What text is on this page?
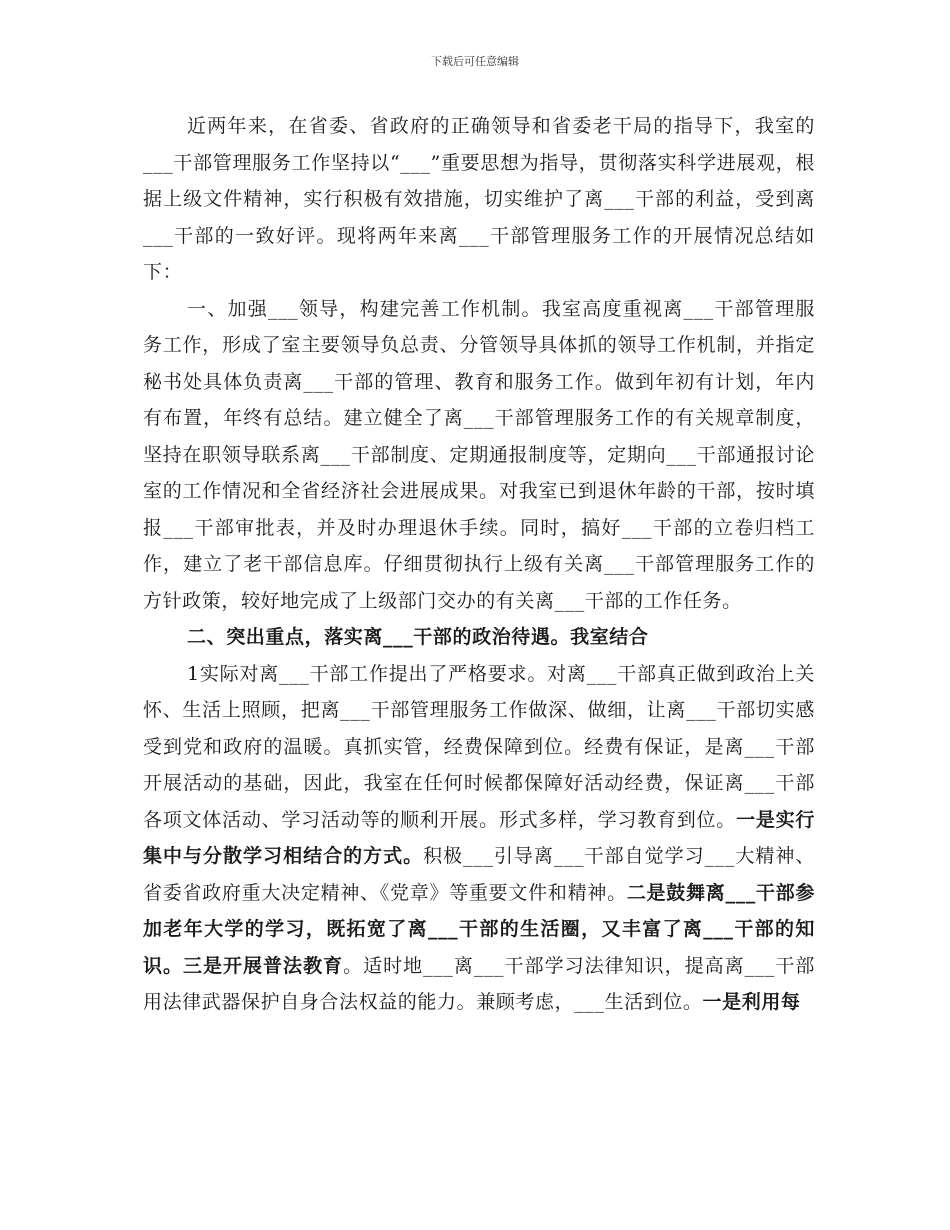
下载后可任意编辑

近两年来，在省委、省政府的正确领导和省委老干局的指导下，我室的___干部管理服务工作坚持以“___”重要思想为指导，贯彻落实科学进展观，根据上级文件精神，实行积极有效措施，切实维护了离___干部的利益，受到离___干部的一致好评。现将两年来离___干部管理服务工作的开展情况总结如下：

一、加强___领导，构建完善工作机制。我室高度重视离___干部管理服务工作，形成了室主要领导负总责、分管领导具体抓的领导工作机制，并指定秘书处具体负责离___干部的管理、教育和服务工作。做到年初有计划，年内有布置，年终有总结。建立健全了离___干部管理服务工作的有关规章制度，坚持在职领导联系离___干部制度、定期通报制度等，定期向___干部通报讨论室的工作情况和全省经济社会进展成果。对我室已到退休年龄的干部，按时填报___干部审批表，并及时办理退休手续。同时，搞好___干部的立卷归档工作，建立了老干部信息库。仔细贯彻执行上级有关离___干部管理服务工作的方针政策，较好地完成了上级部门交办的有关离___干部的工作任务。

二、突出重点，落实离___干部的政治待遇。我室结合

1实际对离___干部工作提出了严格要求。对离___干部真正做到政治上关怀、生活上照顾，把离___干部管理服务工作做深、做细，让离___干部切实感受到党和政府的温暖。真抓实管，经费保障到位。经费有保证，是离___干部开展活动的基础，因此，我室在任何时候都保障好活动经费，保证离___干部各项文体活动、学习活动等的顺利开展。形式多样，学习教育到位。一是实行集中与分散学习相结合的方式。积极___引导离___干部自觉学习___大精神、省委省政府重大决定精神、《党章》等重要文件和精神。二是鼓舞离___干部参加老年大学的学习，既拓宽了离___干部的生活圈，又丰富了离___干部的知识。三是开展普法教育。适时地___离___干部学习法律知识，提高离___干部用法律武器保护自身合法权益的能力。兼顾考虑，___生活到位。一是利用每
